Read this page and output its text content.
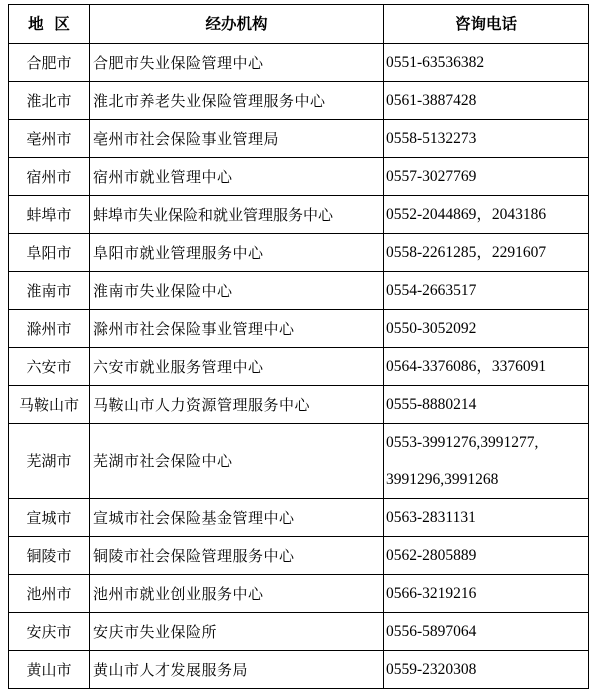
地  区	经办机构	咨询电话
合肥市	合肥市失业保险管理中心	0551-63536382
淮北市	淮北市养老失业保险管理服务中心	0561-3887428
亳州市	亳州市社会保险事业管理局	0558-5132273
宿州市	宿州市就业管理中心	0557-3027769
蚌埠市	蚌埠市失业保险和就业管理服务中心	0552-2044869，2043186
阜阳市	阜阳市就业管理服务中心	0558-2261285，2291607
淮南市	淮南市失业保险中心	0554-2663517
滁州市	滁州市社会保险事业管理中心	0550-3052092
六安市	六安市就业服务管理中心	0564-3376086，3376091
马鞍山市	马鞍山市人力资源管理服务中心	0555-8880214
芜湖市	芜湖市社会保险中心	0553-3991276,3991277,
3991296,3991268

宣城市	宣城市社会保险基金管理中心	0563-2831131
铜陵市	铜陵市社会保险管理服务中心	0562-2805889
池州市	池州市就业创业服务中心	0566-3219216
安庆市	安庆市失业保险所	0556-5897064
黄山市	黄山市人才发展服务局	0559-2320308
